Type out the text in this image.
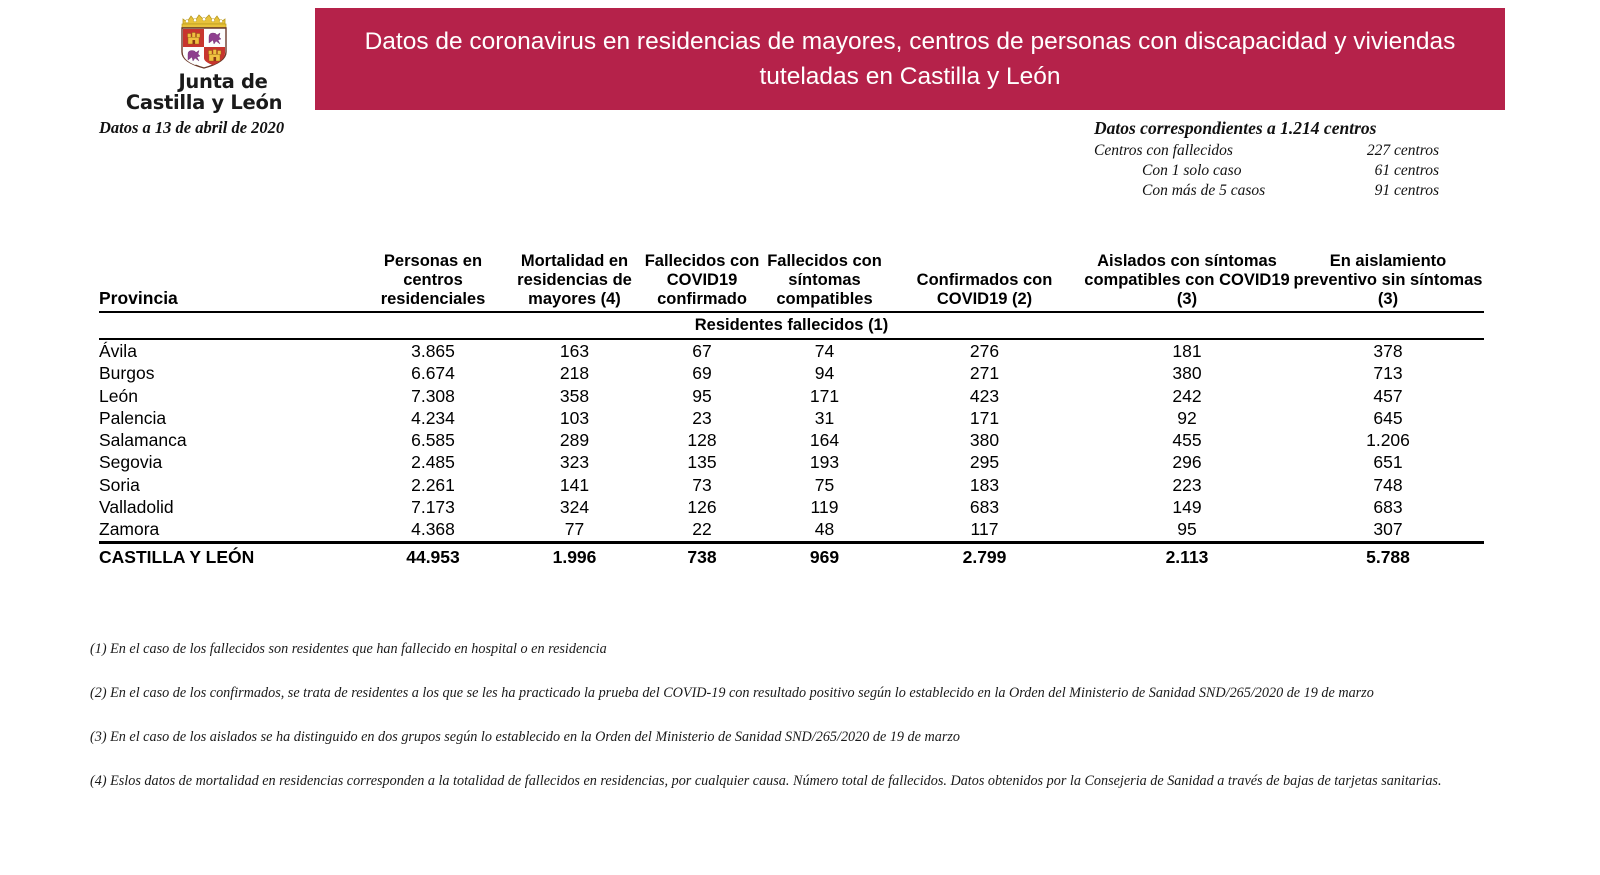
Junta de
Castilla y León
Datos de coronavirus en residencias de mayores, centros de personas con discapacidad y viviendas tuteladas en Castilla y León
Datos a 13 de abril de 2020	Datos correspondientes a 1.214 centros
Centros con fallecidos	227 centros
Con 1 solo caso	61 centros
Con más de 5 casos	91 centros
Provincia	Personas en centros residenciales	Mortalidad en residencias de mayores (4)	Fallecidos con COVID19 confirmado	Fallecidos con síntomas compatibles	Confirmados con COVID19 (2)	Aislados con síntomas compatibles con COVID19 (3)	En aislamiento preventivo sin síntomas (3)
Residentes fallecidos (1)							
Ávila	3.865	163	67	74	276	181	378
Burgos	6.674	218	69	94	271	380	713
León	7.308	358	95	171	423	242	457
Palencia	4.234	103	23	31	171	92	645
Salamanca	6.585	289	128	164	380	455	1.206
Segovia	2.485	323	135	193	295	296	651
Soria	2.261	141	73	75	183	223	748
Valladolid	7.173	324	126	119	683	149	683
Zamora	4.368	77	22	48	117	95	307
CASTILLA Y LEÓN	44.953	1.996	738	969	2.799	2.113	5.788
(1) En el caso de los fallecidos son residentes que han fallecido en hospital o en residencia
(2) En el caso de los confirmados, se trata de residentes a los que se les ha practicado la prueba del COVID-19 con resultado positivo según lo establecido en la Orden del Ministerio de Sanidad SND/265/2020 de 19 de marzo
(3) En el caso de los aislados se ha distinguido en dos grupos según lo establecido en la Orden del Ministerio de Sanidad SND/265/2020 de 19 de marzo
(4) Eslos datos de mortalidad en residencias corresponden a la totalidad de fallecidos en residencias, por cualquier causa. Número total de fallecidos. Datos obtenidos por la Consejeria de Sanidad a través de bajas de tarjetas sanitarias.
